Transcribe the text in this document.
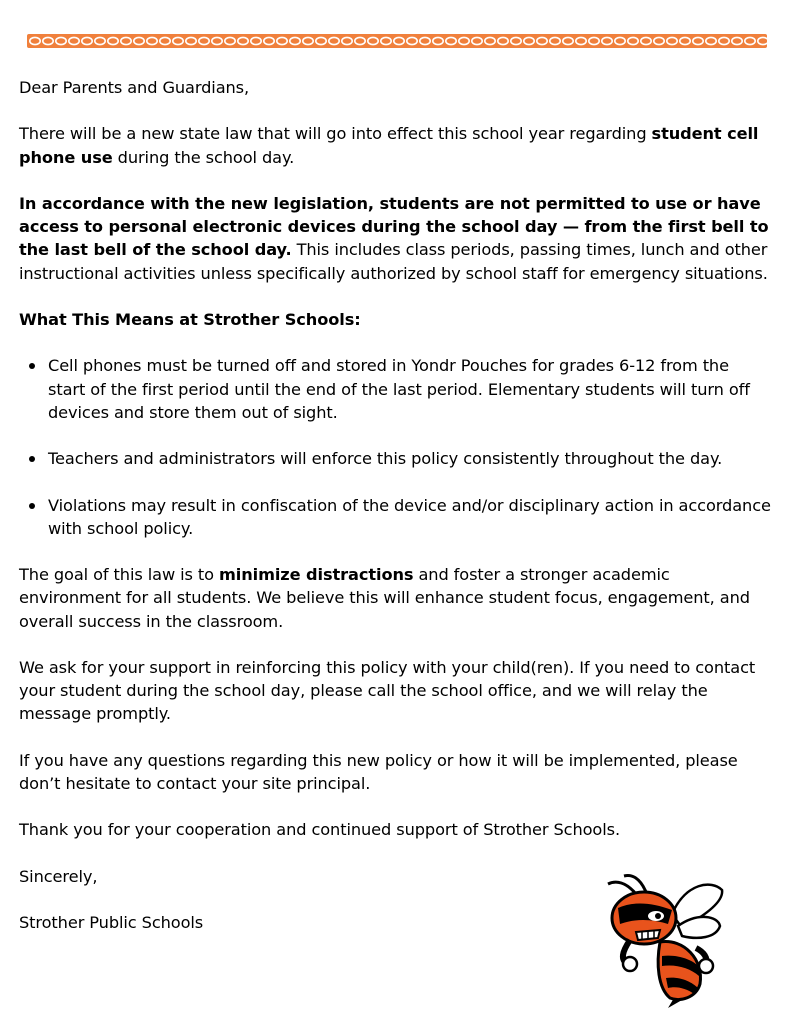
Dear Parents and Guardians,

There will be a new state law that will go into effect this school year regarding student cell phone use during the school day.

In accordance with the new legislation, students are not permitted to use or have access to personal electronic devices during the school day — from the first bell to the last bell of the school day. This includes class periods, passing times, lunch and other instructional activities unless specifically authorized by school staff for emergency situations.

What This Means at Strother Schools:

Cell phones must be turned off and stored in Yondr Pouches for grades 6-12 from the start of the first period until the end of the last period. Elementary students will turn off devices and store them out of sight.
Teachers and administrators will enforce this policy consistently throughout the day.
Violations may result in confiscation of the device and/or disciplinary action in accordance with school policy.

The goal of this law is to minimize distractions and foster a stronger academic environment for all students. We believe this will enhance student focus, engagement, and overall success in the classroom.

We ask for your support in reinforcing this policy with your child(ren). If you need to contact your student during the school day, please call the school office, and we will relay the message promptly.

If you have any questions regarding this new policy or how it will be implemented, please don’t hesitate to contact your site principal.

Thank you for your cooperation and continued support of Strother Schools.

Sincerely,

Strother Public Schools
